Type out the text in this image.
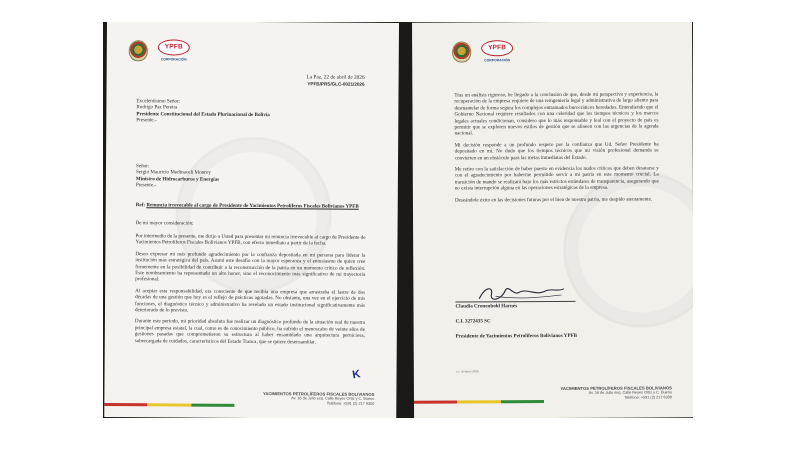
YPFB
CORPORACIÓN
La Paz, 22 de abril de 2026
YPFB/PRS/GLC-0021/2026

Excelentísimo Señor:

Rodrigo Paz Pereira

Presidente Constitucional del Estado Plurinacional de Bolivia

Presente.-

Señor:

Sergio Mauricio Medinaceli Monroy

Ministro de Hidrocarburos y Energías

Presente.-

Ref: Renuncia irrevocable al cargo de Presidente de Yacimientos Petrolíferos Fiscales Bolivianos YPFB
De mi mayor consideración:

Por intermedio de la presente, me dirijo a Usted para presentar mi renuncia irrevocable al cargo de Presidente de Yacimientos Petrolíferos Fiscales Bolivianos YPFB, con efecto inmediato a partir de la fecha.

Deseo expresar mi más profundo agradecimiento por la confianza depositada en mi persona para liderar la institución más estratégica del país. Asumí este desafío con la mayor esperanza y el entusiasmo de quien cree firmemente en la posibilidad de contribuir a la reconstrucción de la patria en un momento crítico de reflexión. Este nombramiento ha representado un alto honor, sino el reconocimiento más significativo de mi trayectoria profesional.

Al aceptar esta responsabilidad, era consciente de que recibía una empresa que arrastraba el lastre de dos décadas de una gestión que hoy es el reflejo de prácticas agotadas. No obstante, una vez en el ejercicio de mis funciones, el diagnóstico técnico y administrativo ha revelado un estado institucional significativamente más deteriorado de lo previsto.

Durante este periodo, mi prioridad absoluta fue realizar un diagnóstico profundo de la situación real de nuestra principal empresa estatal, la cual, como es de conocimiento público, ha sufrido el menoscabo de veinte años de gestiones pasadas que comprometieron su estructura al haber ensamblado una arquitectura perniciosa, sobrecargada de cuidados, característicos del Estado Tranca, que se quiere desensamblar.

K
YACIMIENTOS PETROLÍFEROS FISCALES BOLIVIANOS
Av. 16 de Julio esq. Calle Reyes Ortiz y C. Bueno
Teléfono: +591 (2) 217 6300
YPFB
CORPORACIÓN

Tras un análisis riguroso, he llegado a la conclusión de que, desde mi perspectiva y experiencia, la recuperación de la empresa requiere de una reingeniería legal y administrativa de largo aliento para desmantelar de forma segura los complejos entramados burocráticos heredados. Entendiendo que el Gobierno Nacional requiere resultados con una celeridad que los tiempos técnicos y los marcos legales actuales condicionan, considero que lo más responsable y leal con el proyecto de país es permitir que se exploren nuevos estilos de gestión que se alineen con las urgencias de la agenda nacional.

Mi decisión responde a un profundo respeto por la confianza que Ud. Señor Presidente ha depositado en mí. No dudo que los tiempos técnicos que mi visión profesional demanda se convierten en un obstáculo para las metas inmediatas del Estado.

Me retiro con la satisfacción de haber puesto en evidencia los nudos críticos que deben desatarse y con el agradecimiento por haberme permitido servir a mi patria en este momento crucial. La transición de mando se realizará bajo los más estrictos estándares de transparencia, asegurando que no exista interrupción alguna en las operaciones estratégicas de la empresa.

Deseándole éxito en las decisiones futuras por el bien de nuestra patria, me despido atentamente.

Claudia Cronenbold Harnés
C.I. 3272435 SC
Presidente de Yacimientos Petrolíferos Bolivianos YPFB
c.c. Archivo 2026
YACIMIENTOS PETROLÍFEROS FISCALES BOLIVIANOS
Av. 16 de Julio esq. Calle Reyes Ortiz y C. Bueno
Teléfono: +591 (2) 217 6300
